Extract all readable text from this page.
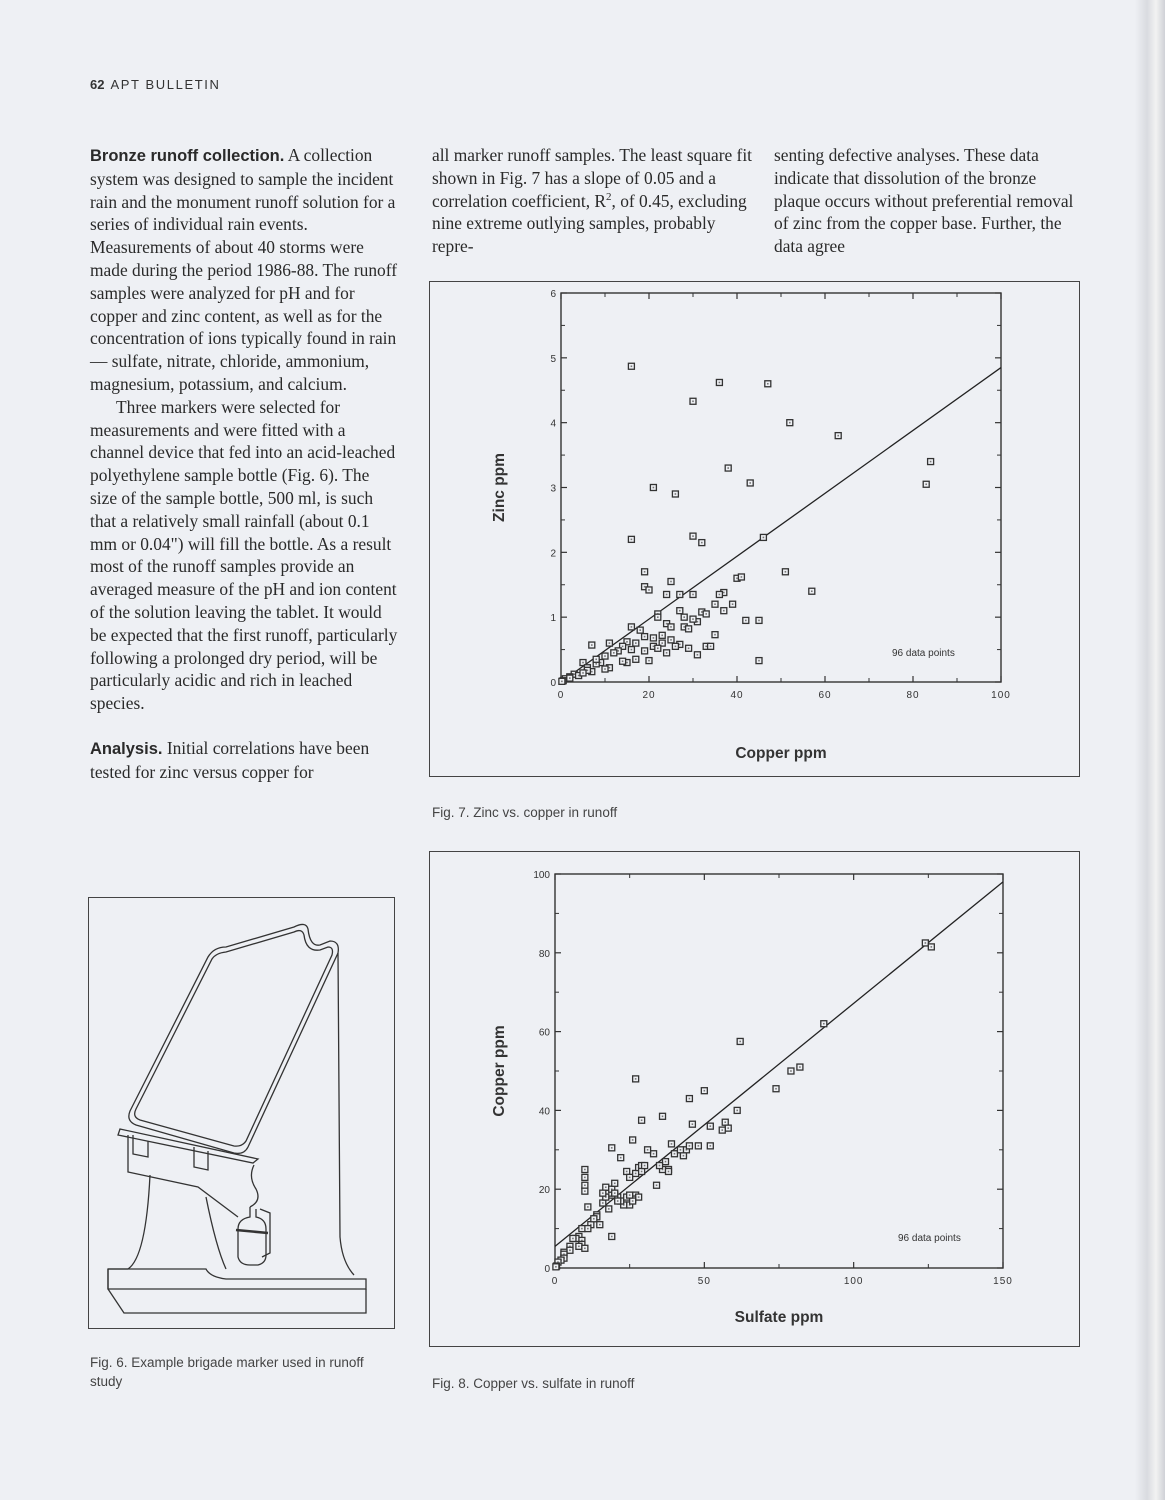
62 APT BULLETIN

Bronze runoff collection. A collection system was designed to sample the incident rain and the monument runoff solution for a series of individual rain events. Measurements of about 40 storms were made during the period 1986-88. The runoff samples were analyzed for pH and for copper and zinc content, as well as for the concentration of ions typically found in rain — sulfate, nitrate, chloride, ammonium, magnesium, potassium, and calcium.

Three markers were selected for measurements and were fitted with a channel device that fed into an acid-leached polyethylene sample bottle (Fig. 6). The size of the sample bottle, 500 ml, is such that a relatively small rainfall (about 0.1 mm or 0.04") will fill the bottle. As a result most of the runoff samples provide an averaged measure of the pH and ion content of the solution leaving the tablet. It would be expected that the first runoff, particularly following a prolonged dry period, will be particularly acidic and rich in leached species.

Analysis. Initial correlations have been tested for zinc versus copper for

all marker runoff samples. The least square fit shown in Fig. 7 has a slope of 0.05 and a correlation coefficient, $R^2$, of 0.45, excluding nine extreme outlying samples, probably repre-

senting defective analyses. These data indicate that dissolution of the bronze plaque occurs without preferential removal of zinc from the copper base. Further, the data agree

0	20	40	60	80	100
0
1
2
3
4
5
6
96 data points
Copper ppm
Zinc ppm
Fig. 7. Zinc vs. copper in runoff
0	50	100	150
0
20
40
60
80
100
96 data points
Sulfate ppm
Copper ppm
Fig. 8. Copper vs. sulfate in runoff
Fig. 6. Example brigade marker used in runoff study
